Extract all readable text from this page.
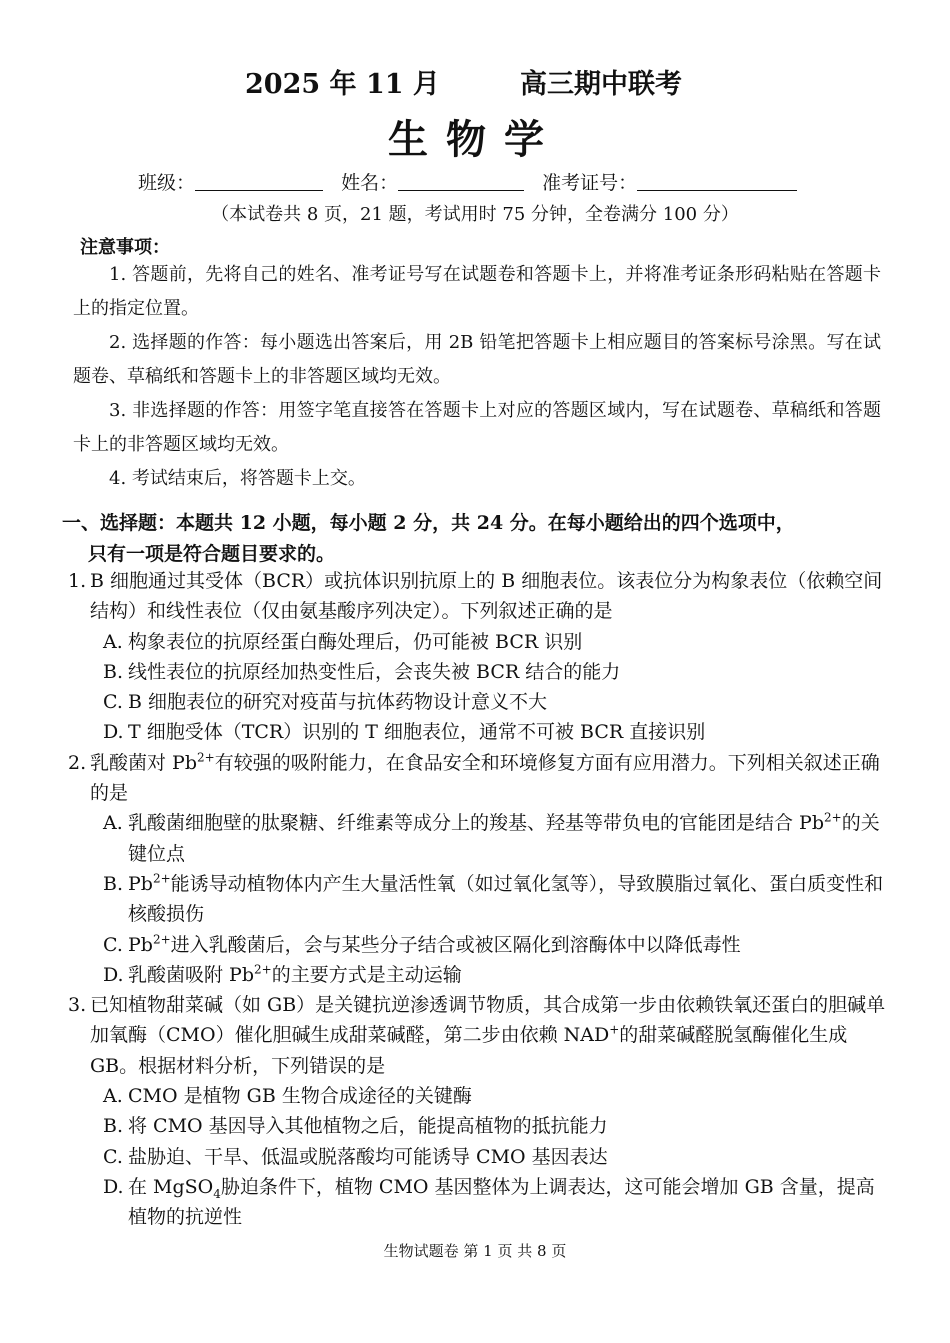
2025 年 11 月	高三期中联考
生物学
班级：	姓名：	准考证号：
（本试卷共 8 页，21 题，考试用时 75 分钟，全卷满分 100 分）
注意事项：

1. 答题前，先将自己的姓名、准考证号写在试题卷和答题卡上，并将准考证条形码粘贴在答题卡上的指定位置。

2. 选择题的作答：每小题选出答案后，用 2B 铅笔把答题卡上相应题目的答案标号涂黑。写在试题卷、草稿纸和答题卡上的非答题区域均无效。

3. 非选择题的作答：用签字笔直接答在答题卡上对应的答题区域内，写在试题卷、草稿纸和答题卡上的非答题区域均无效。

4. 考试结束后，将答题卡上交。

一、选择题：本题共 12 小题，每小题 2 分，共 24 分。在每小题给出的四个选项中，
只有一项是符合题目要求的。
1. B 细胞通过其受体（BCR）或抗体识别抗原上的 B 细胞表位。该表位分为构象表位（依赖空间结构）和线性表位（仅由氨基酸序列决定）。下列叙述正确的是
A. 构象表位的抗原经蛋白酶处理后，仍可能被 BCR 识别
B. 线性表位的抗原经加热变性后，会丧失被 BCR 结合的能力
C. B 细胞表位的研究对疫苗与抗体药物设计意义不大
D. T 细胞受体（TCR）识别的 T 细胞表位，通常不可被 BCR 直接识别
2. 乳酸菌对 $Pb^{2+}$有较强的吸附能力，在食品安全和环境修复方面有应用潜力。下列相关叙述正确的是
A. 乳酸菌细胞壁的肽聚糖、纤维素等成分上的羧基、羟基等带负电的官能团是结合 $Pb^{2+}$的关键位点
B. $Pb^{2+}$能诱导动植物体内产生大量活性氧（如过氧化氢等），导致膜脂过氧化、蛋白质变性和核酸损伤
C. $Pb^{2+}$进入乳酸菌后，会与某些分子结合或被区隔化到溶酶体中以降低毒性
D. 乳酸菌吸附 $Pb^{2+}$的主要方式是主动运输
3. 已知植物甜菜碱（如 GB）是关键抗逆渗透调节物质，其合成第一步由依赖铁氧还蛋白的胆碱单加氧酶（CMO）催化胆碱生成甜菜碱醛，第二步由依赖 NAD+的甜菜碱醛脱氢酶催化生成 GB。根据材料分析，下列错误的是
A. CMO 是植物 GB 生物合成途径的关键酶
B. 将 CMO 基因导入其他植物之后，能提高植物的抵抗能力
C. 盐胁迫、干旱、低温或脱落酸均可能诱导 CMO 基因表达
D. 在 MgSO$_4$胁迫条件下，植物 CMO 基因整体为上调表达，这可能会增加 GB 含量，提高植物的抗逆性
生物试题卷 第 1 页 共 8 页
